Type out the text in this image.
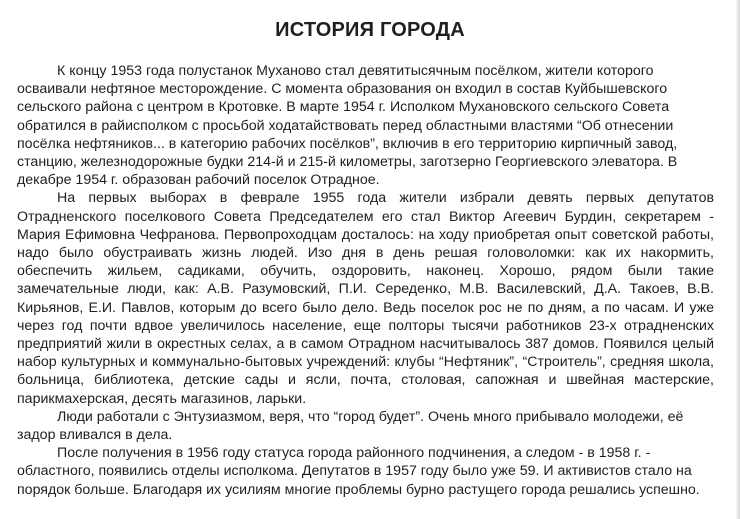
ИСТОРИЯ ГОРОДА

К концу 1953 года полустанок Муханово стал девятитысячным посёлком, жители которого осваивали нефтяное месторождение. С момента образования он входил в состав Куйбышевского сельского района с центром в Кротовке. В марте 1954 г. Исполком Мухановского сельского Совета обратился в райисполком с просьбой ходатайствовать перед областными властями “Об отнесении посёлка нефтяников... в категорию рабочих посёлков”, включив в его территорию кирпичный завод, станцию, железнодорожные будки 214-й и 215-й километры, заготзерно Георгиевского элеватора. В декабре 1954 г. образован рабочий поселок Отрадное.

На первых выборах в феврале 1955 года жители избрали девять первых депутатов Отрадненского поселкового Совета Председателем его стал Виктор Агеевич Бурдин, секретарем - Мария Ефимовна Чефранова. Первопроходцам досталось: на ходу приобретая опыт советской работы, надо было обустраивать жизнь людей. Изо дня в день решая головоломки: как их накормить, обеспечить жильем, садиками, обучить, оздоровить, наконец. Хорошо, рядом были такие замечательные люди, как: А.В. Разумовский, П.И. Середенко, М.В. Василевский, Д.А. Такоев, В.В. Кирьянов, Е.И. Павлов, которым до всего было дело. Ведь поселок рос не по дням, а по часам. И уже через год почти вдвое увеличилось население, еще полторы тысячи работников 23-х отрадненских предприятий жили в окрестных селах, а в самом Отрадном насчитывалось 387 домов. Появился целый набор культурных и коммунально-бытовых учреждений: клубы “Нефтяник”, “Строитель”, средняя школа, больница, библиотека, детские сады и ясли, почта, столовая, сапожная и швейная мастерские, парикмахерская, десять магазинов, ларьки.

Люди работали с Энтузиазмом, веря, что “город будет”. Очень много прибывало молодежи, её задор вливался в дела.

После получения в 1956 году статуса города районного подчинения, а следом - в 1958 г. - областного, появились отделы исполкома. Депутатов в 1957 году было уже 59. И активистов стало на порядок больше. Благодаря их усилиям многие проблемы бурно растущего города решались успешно.
